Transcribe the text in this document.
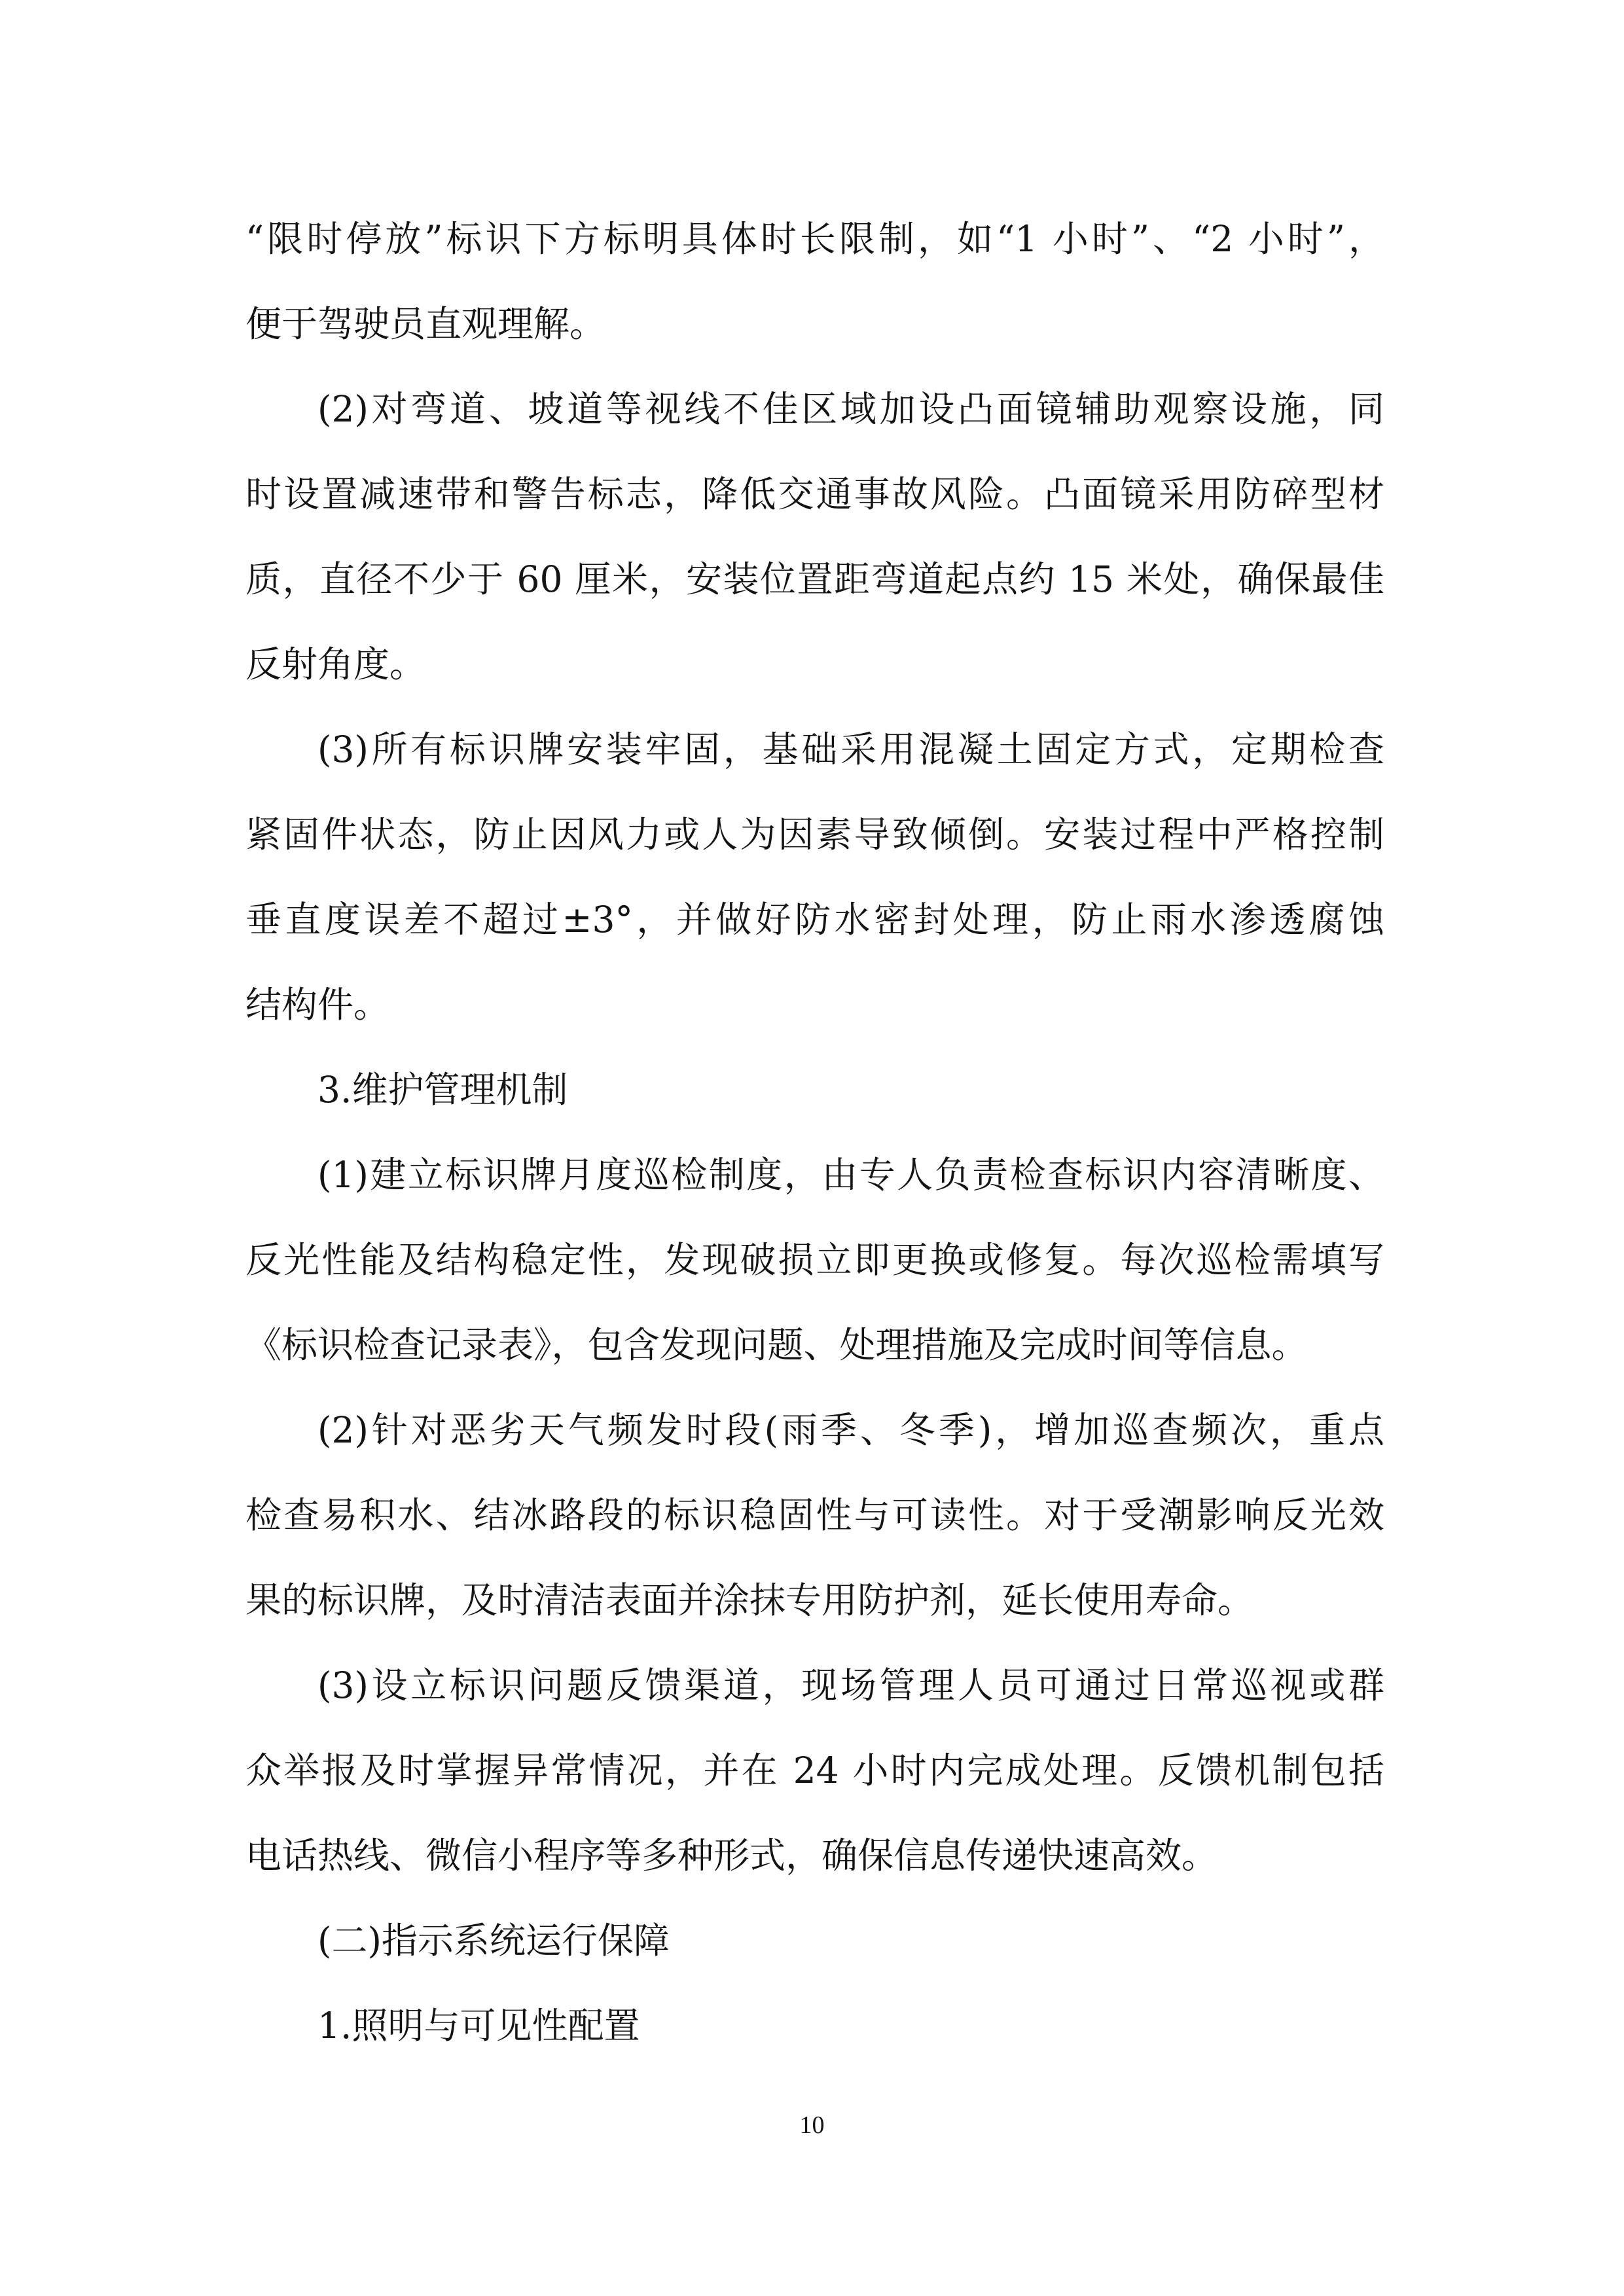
“限时停放”标识下方标明具体时长限制，如“1 小时”、“2 小时”，

便于驾驶员直观理解。

(2)对弯道、坡道等视线不佳区域加设凸面镜辅助观察设施，同

时设置减速带和警告标志，降低交通事故风险。凸面镜采用防碎型材

质，直径不少于 60 厘米，安装位置距弯道起点约 15 米处，确保最佳

反射角度。

(3)所有标识牌安装牢固，基础采用混凝土固定方式，定期检查

紧固件状态，防止因风力或人为因素导致倾倒。安装过程中严格控制

垂直度误差不超过±3°，并做好防水密封处理，防止雨水渗透腐蚀

结构件。

3.维护管理机制

(1)建立标识牌月度巡检制度，由专人负责检查标识内容清晰度、

反光性能及结构稳定性，发现破损立即更换或修复。每次巡检需填写

《标识检查记录表》，包含发现问题、处理措施及完成时间等信息。

(2)针对恶劣天气频发时段(雨季、冬季)，增加巡查频次，重点

检查易积水、结冰路段的标识稳固性与可读性。对于受潮影响反光效

果的标识牌，及时清洁表面并涂抹专用防护剂，延长使用寿命。

(3)设立标识问题反馈渠道，现场管理人员可通过日常巡视或群

众举报及时掌握异常情况，并在 24 小时内完成处理。反馈机制包括

电话热线、微信小程序等多种形式，确保信息传递快速高效。

(二)指示系统运行保障

1.照明与可见性配置

10
